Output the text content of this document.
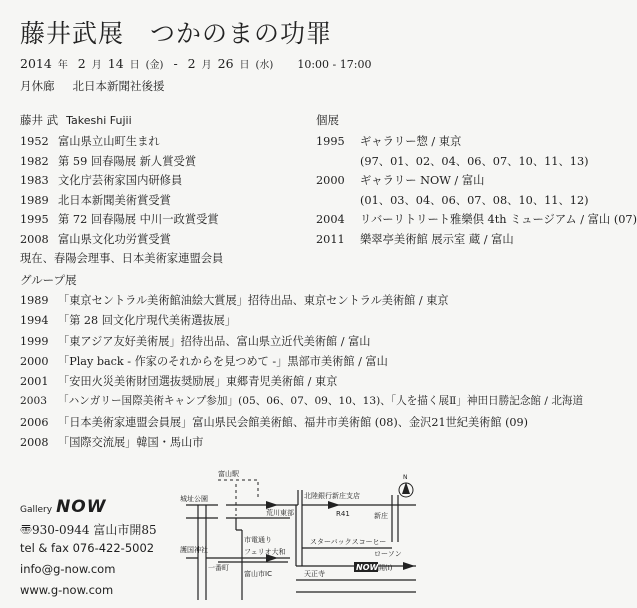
藤井武展 つかのまの功罪
2014 年 2 月 14 日 (金) - 2 月 26 日 (水) 10:00 - 17:00
月休廊 北日本新聞社後援
藤井 武 Takeshi Fujii
1952 富山県立山町生まれ
1982 第 59 回春陽展 新人賞受賞
1983 文化庁芸術家国内研修員
1989 北日本新聞美術賞受賞
1995 第 72 回春陽展 中川一政賞受賞
2008 富山県文化功労賞受賞
現在、春陽会理事、日本美術家連盟会員
個展
1995 ギャラリー惣 / 東京
(97、01、02、04、06、07、10、11、13)
2000 ギャラリー NOW / 富山
(01、03、04、06、07、08、10、11、12)
2004 リバーリトリート雅樂倶 4th ミュージアム / 富山 (07)
2011 樂翠亭美術館 展示室 蔵 / 富山
グループ展
1989 「東京セントラル美術館油絵大賞展」招待出品、東京セントラル美術館 / 東京
1994 「第 28 回文化庁現代美術選抜展」
1999 「東アジア友好美術展」招待出品、富山県立近代美術館 / 富山
2000 「Play back - 作家のそれからを見つめて -」黒部市美術館 / 富山
2001 「安田火災美術財団選抜奨励展」東郷青児美術館 / 東京
2003 「ハンガリー国際美術キャンプ参加」(05、06、07、09、10、13)、「人を描く展Ⅱ」神田日勝記念館 / 北海道
2006 「日本美術家連盟会員展」富山県民会館美術館、福井市美術館 (08)、金沢21世紀美術館 (09)
2008 「国際交流展」韓国・馬山市
Gallery NOW
〠930-0944 富山市開85
tel & fax 076-422-5002
info@g-now.com
www.g-now.com
NOW
富山駅
城址公園
荒川東部
北陸銀行新庄支店
R41	新庄
護国神社
一番町
市電通り
フェリオ大和
富山市IC	天正寺
スターバックスコーヒー
ローソン
開(I)
N
